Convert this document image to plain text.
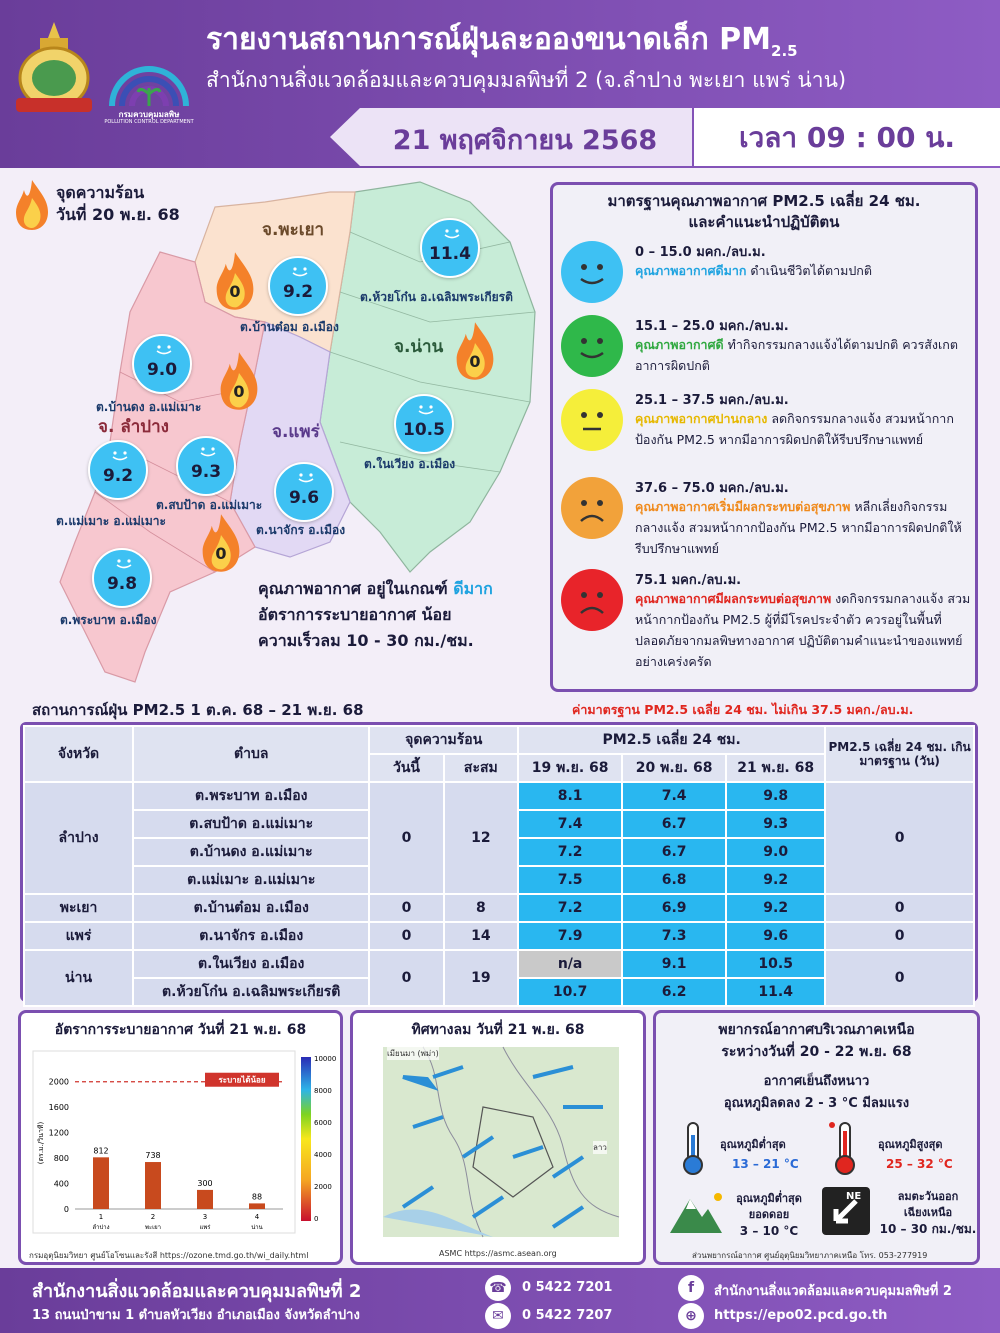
กรมควบคุมมลพิษ
POLLUTION CONTROL DEPARTMENT
รายงานสถานการณ์ฝุ่นละอองขนาดเล็ก $PM_{2.5}$
สำนักงานสิ่งแวดล้อมและควบคุมมลพิษที่ 2 (จ.ลำปาง พะเยา แพร่ น่าน)
21 พฤศจิกายน 2568	เวลา 09 : 00 น.
จุดความร้อน
วันที่ 20 พ.ย. 68
0
0
0
0
จ.พะเยา
จ.น่าน
จ. ลำปาง	จ.แพร่
9.2
ต.บ้านต๋อม อ.เมือง
11.4
ต.ห้วยโก๋น อ.เฉลิมพระเกียรติ
9.0
ต.บ้านดง อ.แม่เมาะ
10.5
ต.ในเวียง อ.เมือง
9.2
ต.แม่เมาะ อ.แม่เมาะ
9.3
ต.สบป้าด อ.แม่เมาะ	9.6
ต.นาจักร อ.เมือง
9.8
ต.พระบาท อ.เมือง
คุณภาพอากาศ อยู่ในเกณฑ์ ดีมาก
อัตราการระบายอากาศ น้อย
ความเร็วลม 10 - 30 กม./ชม.
มาตรฐานคุณภาพอากาศ PM2.5 เฉลี่ย 24 ชม.
และคำแนะนำปฏิบัติตน
0 – 15.0 มคก./ลบ.ม.
คุณภาพอากาศดีมาก ดำเนินชีวิตได้ตามปกติ
15.1 – 25.0 มคก./ลบ.ม.
คุณภาพอากาศดี ทำกิจกรรมกลางแจ้งได้ตามปกติ ควรสังเกตอาการผิดปกติ
25.1 – 37.5 มคก./ลบ.ม.
คุณภาพอากาศปานกลาง ลดกิจกรรมกลางแจ้ง สวมหน้ากากป้องกัน PM2.5 หากมีอาการผิดปกติให้รีบปรึกษาแพทย์
37.6 – 75.0 มคก./ลบ.ม.
คุณภาพอากาศเริ่มมีผลกระทบต่อสุขภาพ หลีกเลี่ยงกิจกรรมกลางแจ้ง สวมหน้ากากป้องกัน PM2.5 หากมีอาการผิดปกติให้รีบปรึกษาแพทย์
75.1 มคก./ลบ.ม.
คุณภาพอากาศมีผลกระทบต่อสุขภาพ งดกิจกรรมกลางแจ้ง สวมหน้ากากป้องกัน PM2.5 ผู้ที่มีโรคประจำตัว ควรอยู่ในพื้นที่ปลอดภัยจากมลพิษทางอากาศ ปฏิบัติตามคำแนะนำของแพทย์อย่างเคร่งครัด
ค่ามาตรฐาน PM2.5 เฉลี่ย 24 ชม. ไม่เกิน 37.5 มคก./ลบ.ม.
สถานการณ์ฝุ่น PM2.5 1 ต.ค. 68 – 21 พ.ย. 68
จังหวัด	ตำบล	จุดความร้อน		PM2.5 เฉลี่ย 24 ชม.			PM2.5 เฉลี่ย 24 ชม. เกินมาตรฐาน (วัน)
		วันนี้	สะสม	19 พ.ย. 68	20 พ.ย. 68	21 พ.ย. 68	
ลำปาง	ต.พระบาท อ.เมือง	0	12	8.1	7.4	9.8	0
	ต.สบป้าด อ.แม่เมาะ			7.4	6.7	9.3	
	ต.บ้านดง อ.แม่เมาะ			7.2	6.7	9.0	
	ต.แม่เมาะ อ.แม่เมาะ			7.5	6.8	9.2	
พะเยา	ต.บ้านต๋อม อ.เมือง	0	8	7.2	6.9	9.2	0
แพร่	ต.นาจักร อ.เมือง	0	14	7.9	7.3	9.6	0
น่าน	ต.ในเวียง อ.เมือง	0	19	n/a	9.1	10.5	0
	ต.ห้วยโก๋น อ.เฉลิมพระเกียรติ			10.7	6.2	11.4	
อัตราการระบายอากาศ วันที่ 21 พ.ย. 68
(ตร.ม./วินาที)
0
400
800
1200
1600
2000	ระบายได้น้อย
812
1
ลำปาง
738
2
พะเยา
300
3
แพร่
88
4
น่าน
10000
8000
6000
4000
2000
0
กรมอุตุนิยมวิทยา ศูนย์โอโซนและรังสี https://ozone.tmd.go.th/wi_daily.html
ทิศทางลม วันที่ 21 พ.ย. 68
เมียนมา (พม่า)
ลาว
ASMC https://asmc.asean.org
พยากรณ์อากาศบริเวณภาคเหนือ
ระหว่างวันที่ 20 - 22 พ.ย. 68
อากาศเย็นถึงหนาว
อุณหภูมิลดลง 2 - 3 °C มีลมแรง
อุณหภูมิต่ำสุด
13 – 21 °C
อุณหภูมิสูงสุด
25 – 32 °C
อุณหภูมิต่ำสุด
ยอดดอย
3 – 10 °C
NE	ลมตะวันออก
เฉียงเหนือ
10 – 30 กม./ชม.
ส่วนพยากรณ์อากาศ ศูนย์อุตุนิยมวิทยาภาคเหนือ โทร. 053-277919
สำนักงานสิ่งแวดล้อมและควบคุมมลพิษที่ 2
13 ถนนป่าขาม 1 ตำบลหัวเวียง อำเภอเมือง จังหวัดลำปาง
☎	0 5422 7201
✉	0 5422 7207
f	สำนักงานสิ่งแวดล้อมและควบคุมมลพิษที่ 2
⊕	https://epo02.pcd.go.th
